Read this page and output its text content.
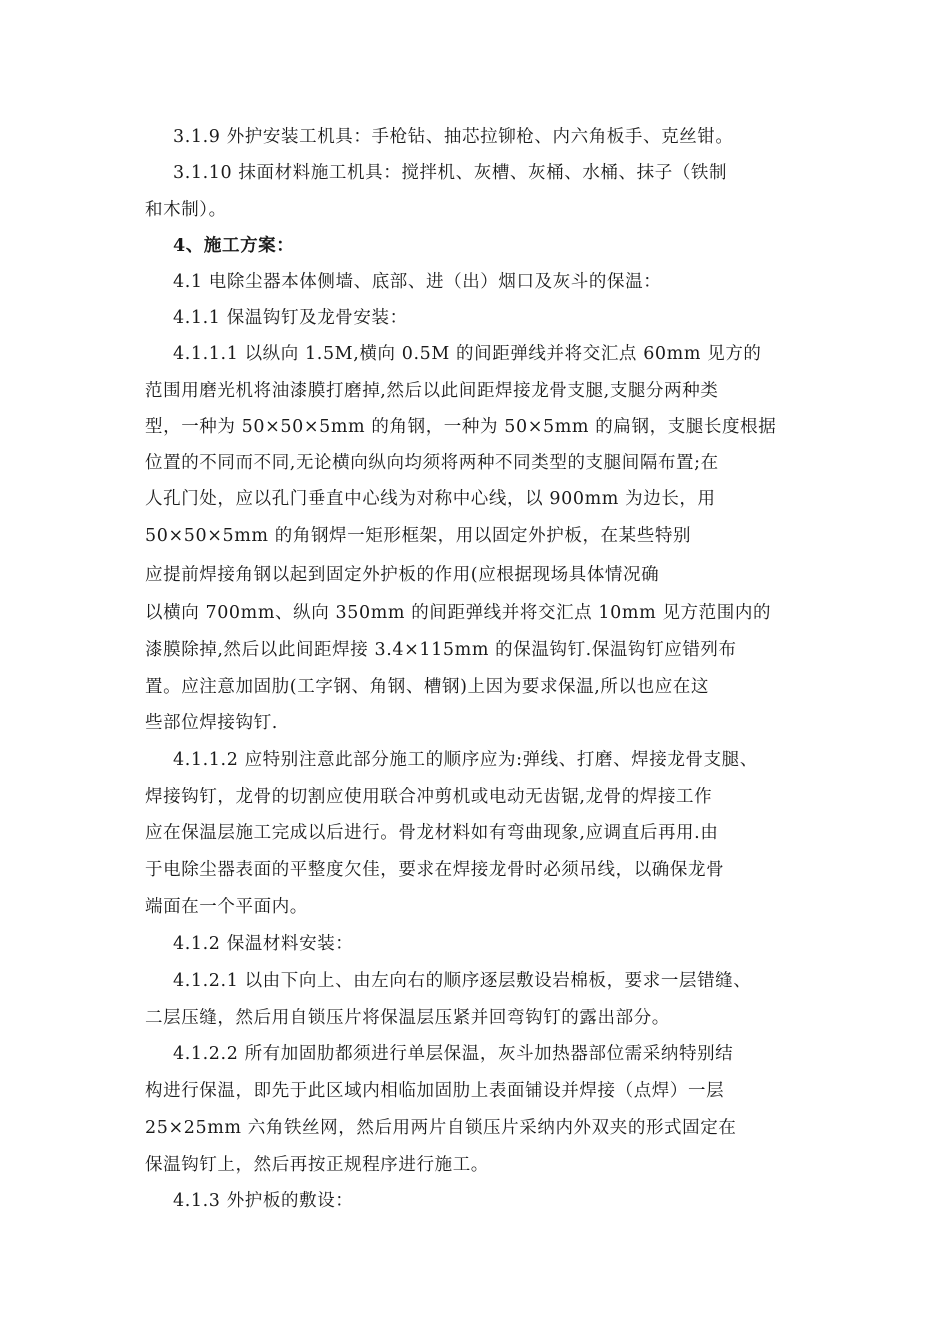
3.1.9 外护安装工机具：手枪钻、抽芯拉铆枪、内六角板手、克丝钳。
3.1.10 抹面材料施工机具：搅拌机、灰槽、灰桶、水桶、抹子（铁制
和木制）。
4、施工方案：
4.1 电除尘器本体侧墙、底部、进（出）烟口及灰斗的保温：
4.1.1 保温钩钉及龙骨安装：
4.1.1.1 以纵向 1.5M,横向 0.5M 的间距弹线并将交汇点 60mm 见方的
范围用磨光机将油漆膜打磨掉,然后以此间距焊接龙骨支腿,支腿分两种类
型，一种为 50×50×5mm 的角钢，一种为 50×5mm 的扁钢，支腿长度根据
位置的不同而不同,无论横向纵向均须将两种不同类型的支腿间隔布置;在
人孔门处，应以孔门垂直中心线为对称中心线，以 900mm 为边长，用
50×50×5mm 的角钢焊一矩形框架，用以固定外护板，在某些特别
应提前焊接角钢以起到固定外护板的作用(应根据现场具体情况确
以横向 700mm、纵向 350mm 的间距弹线并将交汇点 10mm 见方范围内的
漆膜除掉,然后以此间距焊接 3.4×115mm 的保温钩钉.保温钩钉应错列布
置。应注意加固肋(工字钢、角钢、槽钢)上因为要求保温,所以也应在这
些部位焊接钩钉.
4.1.1.2 应特别注意此部分施工的顺序应为:弹线、打磨、焊接龙骨支腿、
焊接钩钉，龙骨的切割应使用联合冲剪机或电动无齿锯,龙骨的焊接工作
应在保温层施工完成以后进行。骨龙材料如有弯曲现象,应调直后再用.由
于电除尘器表面的平整度欠佳，要求在焊接龙骨时必须吊线，以确保龙骨
端面在一个平面内。
4.1.2 保温材料安装：
4.1.2.1 以由下向上、由左向右的顺序逐层敷设岩棉板，要求一层错缝、
二层压缝，然后用自锁压片将保温层压紧并回弯钩钉的露出部分。
4.1.2.2 所有加固肋都须进行单层保温，灰斗加热器部位需采纳特别结
构进行保温，即先于此区域内相临加固肋上表面铺设并焊接（点焊）一层
25×25mm 六角铁丝网，然后用两片自锁压片采纳内外双夹的形式固定在
保温钩钉上，然后再按正规程序进行施工。
4.1.3 外护板的敷设：
